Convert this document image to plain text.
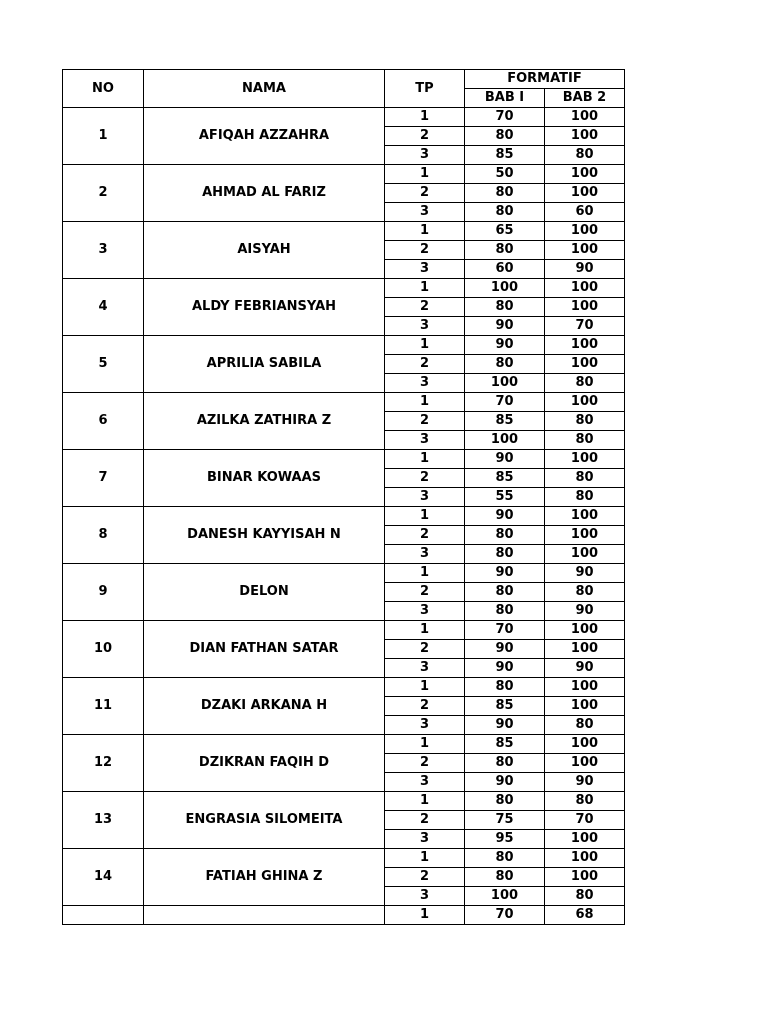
NO	NAMA	TP	FORMATIF	
			BAB I	BAB 2
1	AFIQAH AZZAHRA	1	70	100
		2	80	100
		3	85	80
2	AHMAD AL FARIZ	1	50	100
		2	80	100
		3	80	60
3	AISYAH	1	65	100
		2	80	100
		3	60	90
4	ALDY FEBRIANSYAH	1	100	100
		2	80	100
		3	90	70
5	APRILIA SABILA	1	90	100
		2	80	100
		3	100	80
6	AZILKA ZATHIRA Z	1	70	100
		2	85	80
		3	100	80
7	BINAR KOWAAS	1	90	100
		2	85	80
		3	55	80
8	DANESH KAYYISAH N	1	90	100
		2	80	100
		3	80	100
9	DELON	1	90	90
		2	80	80
		3	80	90
10	DIAN FATHAN SATAR	1	70	100
		2	90	100
		3	90	90
11	DZAKI ARKANA H	1	80	100
		2	85	100
		3	90	80
12	DZIKRAN FAQIH D	1	85	100
		2	80	100
		3	90	90
13	ENGRASIA SILOMEITA	1	80	80
		2	75	70
		3	95	100
14	FATIAH GHINA Z	1	80	100
		2	80	100
		3	100	80
		1	70	68
